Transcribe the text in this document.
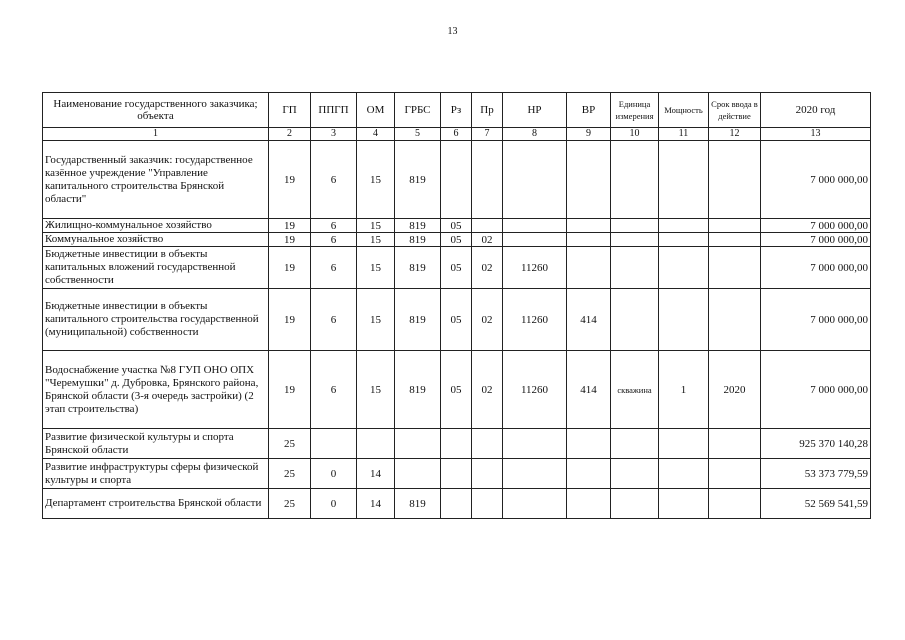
13
Наименование государственного заказчика; объекта	ГП	ППГП	ОМ	ГРБС	Рз	Пр	НР	ВР	Единица измерения	Мощность	Срок ввода в действие	2020 год
1	2	3	4	5	6	7	8	9	10	11	12	13
Государственный заказчик: государственное казённое учреждение "Управление капитального строительства Брянской области"	19	6	15	819								7 000 000,00
Жилищно-коммунальное хозяйство	19	6	15	819	05							7 000 000,00
Коммунальное хозяйство	19	6	15	819	05	02						7 000 000,00
Бюджетные инвестиции в объекты капитальных вложений государственной собственности	19	6	15	819	05	02	11260					7 000 000,00
Бюджетные инвестиции в объекты капитального строительства государственной (муниципальной) собственности	19	6	15	819	05	02	11260	414				7 000 000,00
Водоснабжение участка №8 ГУП ОНО ОПХ "Черемушки" д. Дубровка, Брянского района, Брянской области (3-я очередь застройки) (2 этап строительства)	19	6	15	819	05	02	11260	414	скважина	1	2020	7 000 000,00
Развитие физической культуры и спорта Брянской области	25											925 370 140,28
Развитие инфраструктуры сферы физической культуры и спорта	25	0	14									53 373 779,59
Департамент строительства Брянской области	25	0	14	819								52 569 541,59
